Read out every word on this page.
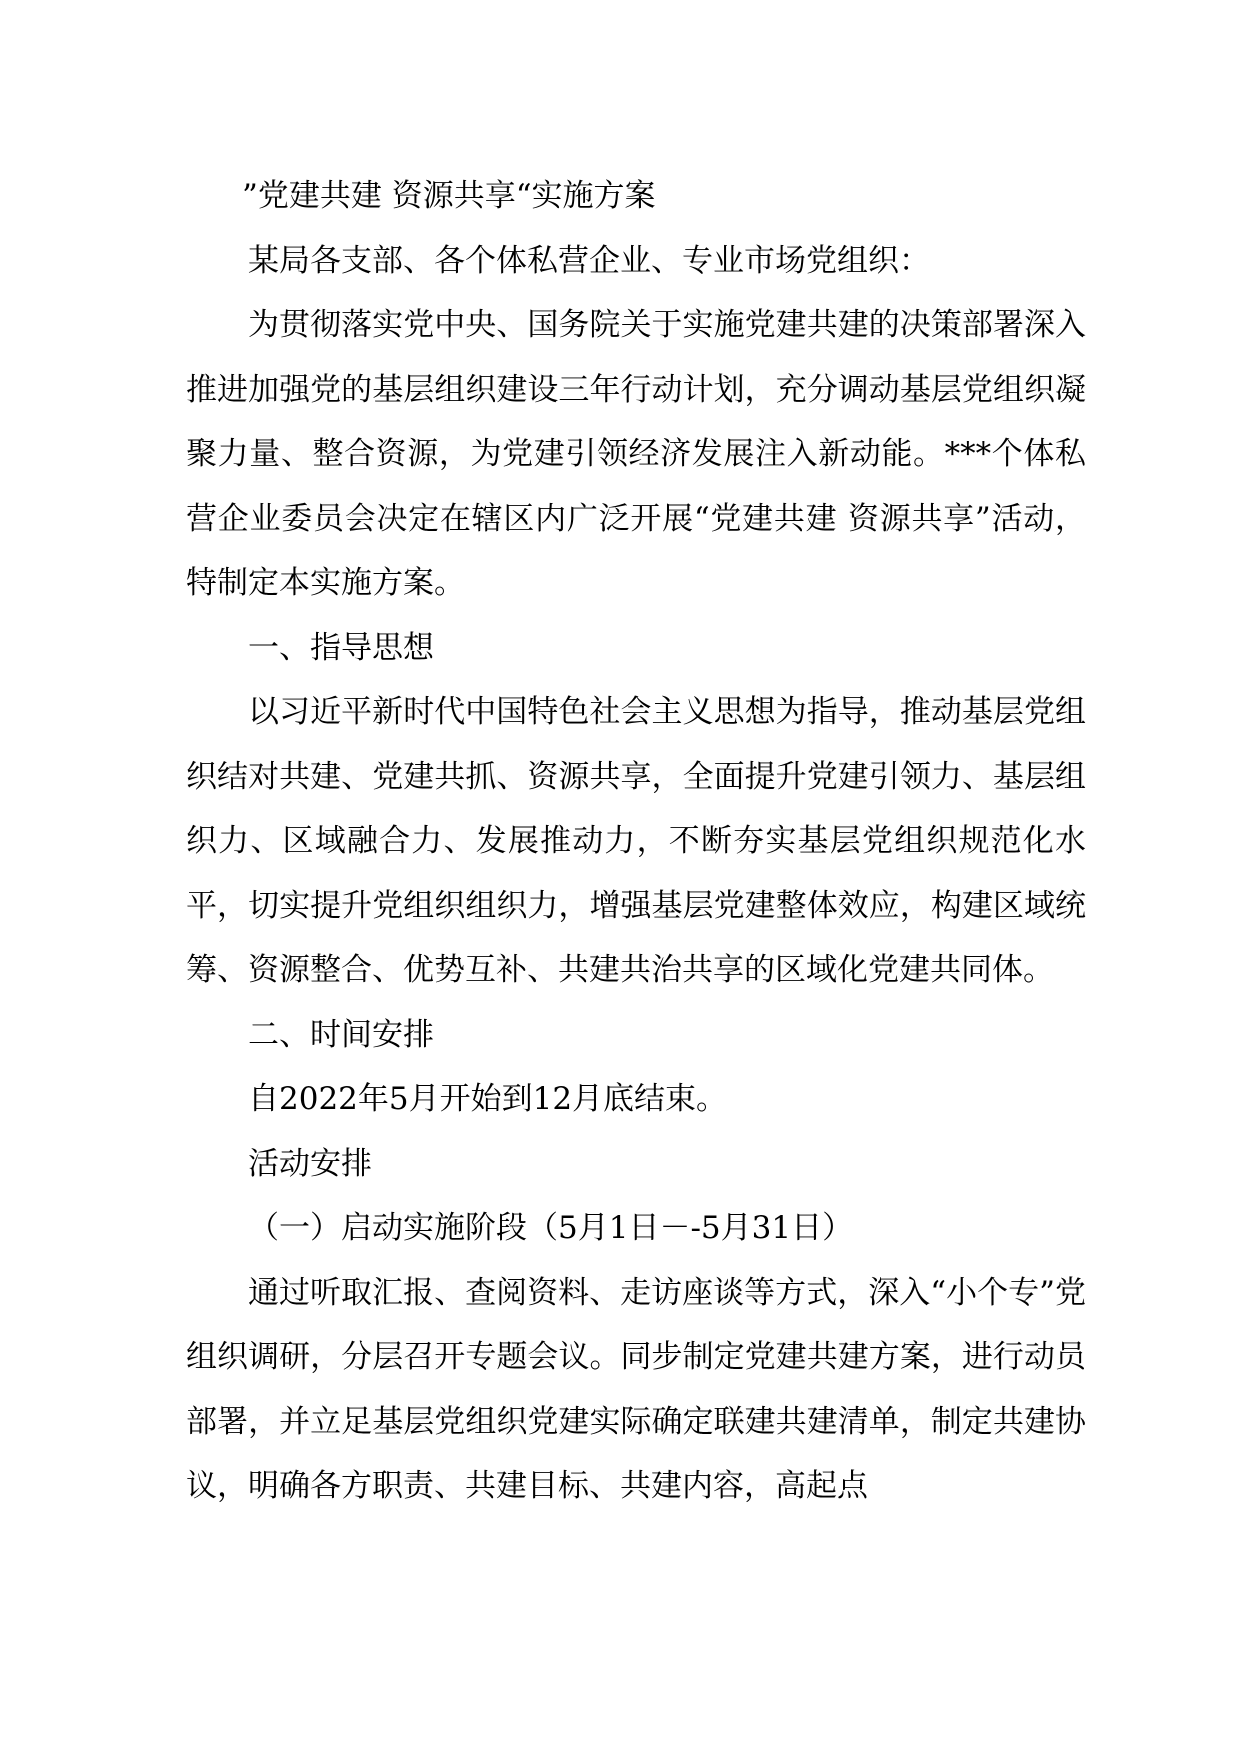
”党建共建 资源共享“实施方案

某局各支部、各个体私营企业、专业市场党组织：

为贯彻落实党中央、国务院关于实施党建共建的决策部署深入推进加强党的基层组织建设三年行动计划，充分调动基层党组织凝聚力量、整合资源，为党建引领经济发展注入新动能。***个体私营企业委员会决定在辖区内广泛开展“党建共建 资源共享”活动，特制定本实施方案。

一、指导思想

以习近平新时代中国特色社会主义思想为指导，推动基层党组织结对共建、党建共抓、资源共享，全面提升党建引领力、基层组织力、区域融合力、发展推动力，不断夯实基层党组织规范化水平，切实提升党组织组织力，增强基层党建整体效应，构建区域统筹、资源整合、优势互补、共建共治共享的区域化党建共同体。

二、时间安排

自2022年5月开始到12月底结束。

活动安排

（一）启动实施阶段（5月1日－-5月31日）

通过听取汇报、查阅资料、走访座谈等方式，深入“小个专”党组织调研，分层召开专题会议。同步制定党建共建方案，进行动员部署，并立足基层党组织党建实际确定联建共建清单，制定共建协议，明确各方职责、共建目标、共建内容，高起点
